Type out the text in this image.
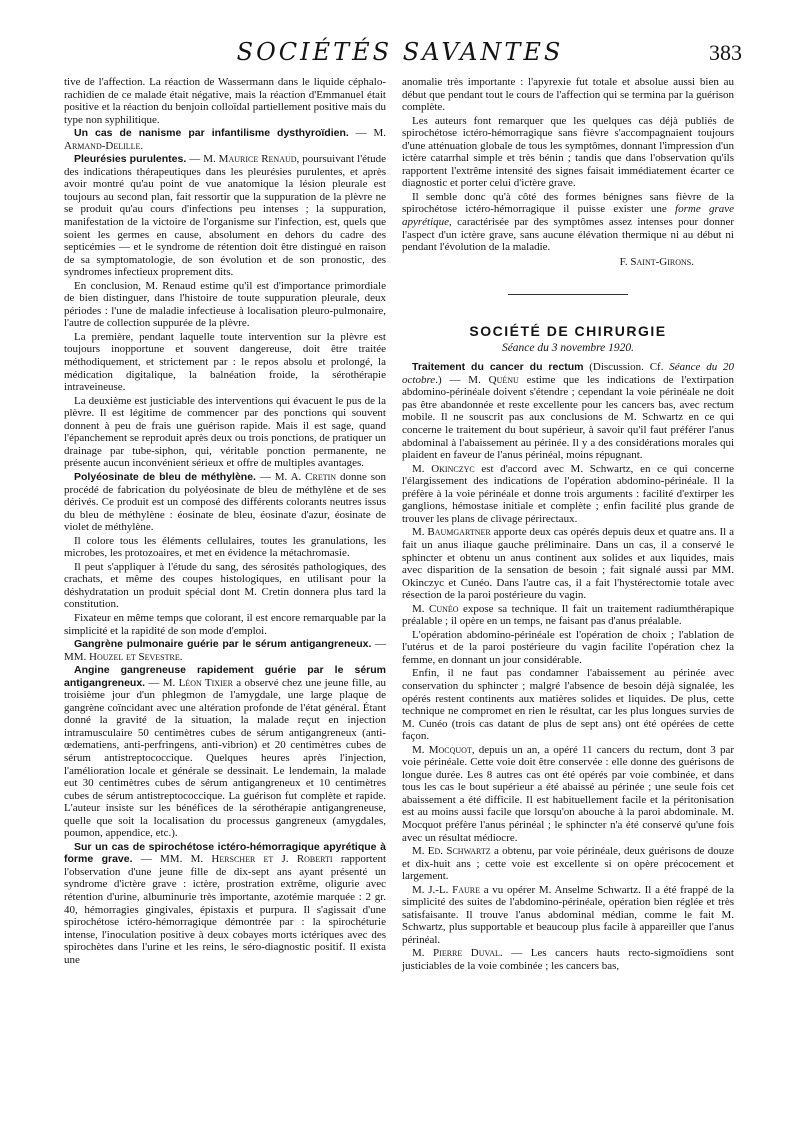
SOCIÉTÉS SAVANTES	383

tive de l'affection. La réaction de Wassermann dans le liquide céphalo-rachidien de ce malade était négative, mais la réaction d'Emmanuel était positive et la réaction du benjoin colloïdal partiellement positive mais du type non syphilitique.

Un cas de nanisme par infantilisme dysthyroïdien. — M. Armand-Delille.

Pleurésies purulentes. — M. Maurice Renaud, poursuivant l'étude des indications thérapeutiques dans les pleurésies purulentes, et après avoir montré qu'au point de vue anatomique la lésion pleurale est toujours au second plan, fait ressortir que la suppuration de la plèvre ne se produit qu'au cours d'infections peu intenses ; la suppuration, manifestation de la victoire de l'organisme sur l'infection, est, quels que soient les germes en cause, absolument en dehors du cadre des septicémies — et le syndrome de rétention doit être distingué en raison de sa symptomatologie, de son évolution et de son pronostic, des syndromes infectieux proprement dits.

En conclusion, M. Renaud estime qu'il est d'importance primordiale de bien distinguer, dans l'histoire de toute suppuration pleurale, deux périodes : l'une de maladie infectieuse à localisation pleuro-pulmonaire, l'autre de collection suppurée de la plèvre.

La première, pendant laquelle toute intervention sur la plèvre est toujours inopportune et souvent dangereuse, doit être traitée méthodiquement, et strictement par : le repos absolu et prolongé, la médication digitalique, la balnéation froide, la sérothérapie intraveineuse.

La deuxième est justiciable des interventions qui évacuent le pus de la plèvre. Il est légitime de commencer par des ponctions qui souvent donnent à peu de frais une guérison rapide. Mais il est sage, quand l'épanchement se reproduit après deux ou trois ponctions, de pratiquer un drainage par tube-siphon, qui, véritable ponction permanente, ne présente aucun inconvénient sérieux et offre de multiples avantages.

Polyéosinate de bleu de méthylène. — M. A. Cretin donne son procédé de fabrication du polyéosinate de bleu de méthylène et de ses dérivés. Ce produit est un composé des différents colorants neutres issus du bleu de méthylène : éosinate de bleu, éosinate d'azur, éosinate de violet de méthylène.

Il colore tous les éléments cellulaires, toutes les granulations, les microbes, les protozoaires, et met en évidence la métachromasie.

Il peut s'appliquer à l'étude du sang, des sérosités pathologiques, des crachats, et même des coupes histologiques, en utilisant pour la déshydratation un produit spécial dont M. Cretin donnera plus tard la constitution.

Fixateur en même temps que colorant, il est encore remarquable par la simplicité et la rapidité de son mode d'emploi.

Gangrène pulmonaire guérie par le sérum antigangreneux. — MM. Houzel et Sevestre.

Angine gangreneuse rapidement guérie par le sérum antigangreneux. — M. Léon Tixier a observé chez une jeune fille, au troisième jour d'un phlegmon de l'amygdale, une large plaque de gangrène coïncidant avec une altération profonde de l'état général. Étant donné la gravité de la situation, la malade reçut en injection intramusculaire 50 centimètres cubes de sérum antigangreneux (anti-œdematiens, anti-perfringens, anti-vibrion) et 20 centimètres cubes de sérum antistreptococcique. Quelques heures après l'injection, l'amélioration locale et générale se dessinait. Le lendemain, la malade eut 30 centimètres cubes de sérum antigangreneux et 10 centimètres cubes de sérum antistreptococcique. La guérison fut complète et rapide. L'auteur insiste sur les bénéfices de la sérothérapie antigangreneuse, quelle que soit la localisation du processus gangreneux (amygdales, poumon, appendice, etc.).

Sur un cas de spirochétose ictéro-hémorragique apyrétique à forme grave. — MM. M. Herscher et J. Roberti rapportent l'observation d'une jeune fille de dix-sept ans ayant présenté un syndrome d'ictère grave : ictère, prostration extrême, oligurie avec rétention d'urine, albuminurie très importante, azotémie marquée : 2 gr. 40, hémorragies gingivales, épistaxis et purpura. Il s'agissait d'une spirochétose ictéro-hémorragique démontrée par : la spirochéturie intense, l'inoculation positive à deux cobayes morts ictériques avec des spirochètes dans l'urine et les reins, le séro-diagnostic positif. Il exista une

anomalie très importante : l'apyrexie fut totale et absolue aussi bien au début que pendant tout le cours de l'affection qui se termina par la guérison complète.

Les auteurs font remarquer que les quelques cas déjà publiés de spirochétose ictéro-hémorragique sans fièvre s'accompagnaient toujours d'une atténuation globale de tous les symptômes, donnant l'impression d'un ictère catarrhal simple et très bénin ; tandis que dans l'observation qu'ils rapportent l'extrême intensité des signes faisait immédiatement écarter ce diagnostic et porter celui d'ictère grave.

Il semble donc qu'à côté des formes bénignes sans fièvre de la spirochétose ictéro-hémorragique il puisse exister une forme grave apyrétique, caractérisée par des symptômes assez intenses pour donner l'aspect d'un ictère grave, sans aucune élévation thermique ni au début ni pendant l'évolution de la maladie.

F. Saint-Girons.

SOCIÉTÉ DE CHIRURGIE
Séance du 3 novembre 1920.

Traitement du cancer du rectum (Discussion. Cf. Séance du 20 octobre.) — M. Quénu estime que les indications de l'extirpation abdomino-périnéale doivent s'étendre ; cependant la voie périnéale ne doit pas être abandonnée et reste excellente pour les cancers bas, avec rectum mobile. Il ne souscrit pas aux conclusions de M. Schwartz en ce qui concerne le traitement du bout supérieur, à savoir qu'il faut préférer l'anus abdominal à l'abaissement au périnée. Il y a des considérations morales qui plaident en faveur de l'anus périnéal, moins répugnant.

M. Okinczyc est d'accord avec M. Schwartz, en ce qui concerne l'élargissement des indications de l'opération abdomino-périnéale. Il la préfère à la voie périnéale et donne trois arguments : facilité d'extirper les ganglions, hémostase initiale et complète ; enfin facilité plus grande de trouver les plans de clivage périrectaux.

M. Baumgartner apporte deux cas opérés depuis deux et quatre ans. Il a fait un anus iliaque gauche préliminaire. Dans un cas, il a conservé le sphincter et obtenu un anus continent aux solides et aux liquides, mais avec disparition de la sensation de besoin ; fait signalé aussi par MM. Okinczyc et Cunéo. Dans l'autre cas, il a fait l'hystérectomie totale avec résection de la paroi postérieure du vagin.

M. Cunéo expose sa technique. Il fait un traitement radiumthérapique préalable ; il opère en un temps, ne faisant pas d'anus préalable.

L'opération abdomino-périnéale est l'opération de choix ; l'ablation de l'utérus et de la paroi postérieure du vagin facilite l'opération chez la femme, en donnant un jour considérable.

Enfin, il ne faut pas condamner l'abaissement au périnée avec conservation du sphincter ; malgré l'absence de besoin déjà signalée, les opérés restent continents aux matières solides et liquides. De plus, cette technique ne compromet en rien le résultat, car les plus longues survies de M. Cunéo (trois cas datant de plus de sept ans) ont été opérées de cette façon.

M. Mocquot, depuis un an, a opéré 11 cancers du rectum, dont 3 par voie périnéale. Cette voie doit être conservée : elle donne des guérisons de longue durée. Les 8 autres cas ont été opérés par voie combinée, et dans tous les cas le bout supérieur a été abaissé au périnée ; une seule fois cet abaissement a été difficile. Il est habituellement facile et la péritonisation est au moins aussi facile que lorsqu'on abouche à la paroi abdominale. M. Mocquot préfère l'anus périnéal ; le sphincter n'a été conservé qu'une fois avec un résultat médiocre.

M. Ed. Schwartz a obtenu, par voie périnéale, deux guérisons de douze et dix-huit ans ; cette voie est excellente si on opère précocement et largement.

M. J.-L. Faure a vu opérer M. Anselme Schwartz. Il a été frappé de la simplicité des suites de l'abdomino-périnéale, opération bien réglée et très satisfaisante. Il trouve l'anus abdominal médian, comme le fait M. Schwartz, plus supportable et beaucoup plus facile à appareiller que l'anus périnéal.

M. Pierre Duval. — Les cancers hauts recto-sigmoïdiens sont justiciables de la voie combinée ; les cancers bas,
